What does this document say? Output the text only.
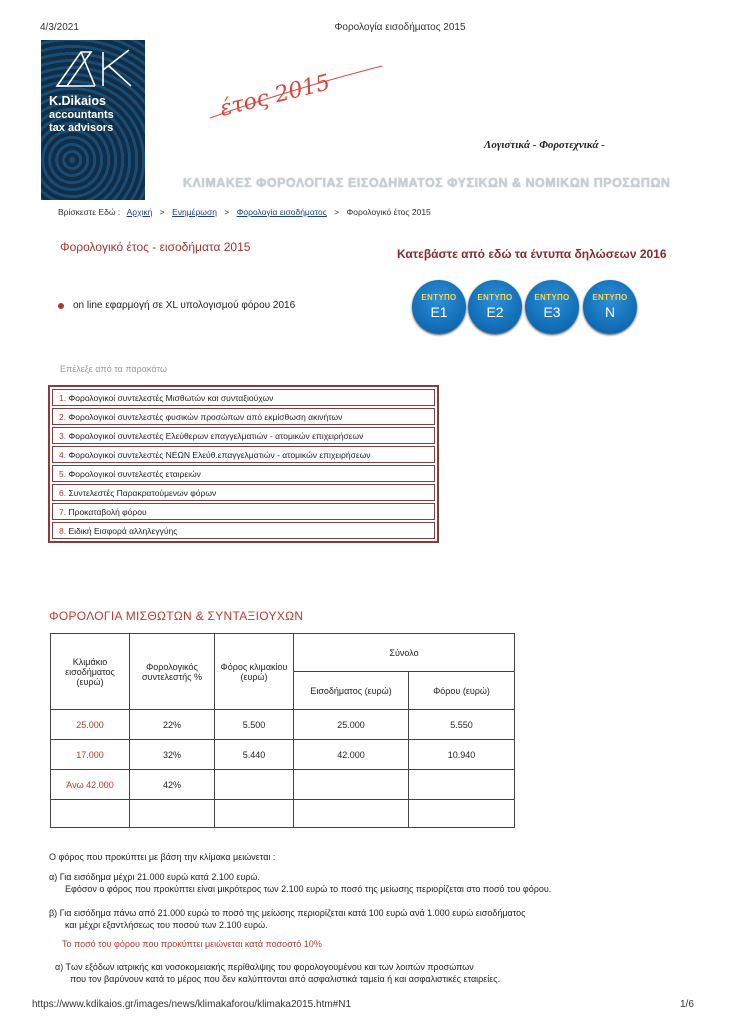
4/3/2021	Φορολογία εισοδήματος 2015
https://www.kdikaios.gr/images/news/klimakaforou/klimaka2015.htm#N1	1/6
K.Dikaios
accountants
tax advisors
έτος 2015
Λογιστικά - Φοροτεχνικά -
ΚΛΙΜΑΚΕΣ ΦΟΡΟΛΟΓΙΑΣ ΕΙΣΟΔΗΜΑΤΟΣ ΦΥΣΙΚΩΝ & ΝΟΜΙΚΩΝ ΠΡΟΣΩΠΩΝ
Βρίσκεστε Εδώ : Αρχική > Ενημέρωση > Φορολογία εισοδήματος > Φορολογικό έτος 2015
Φορολογικό έτος - εισοδήματα 2015	Κατεβάστε από εδώ τα έντυπα δηλώσεων 2016
ΕΝΤΥΠΟ
Ε1
ΕΝΤΥΠΟ
Ε2
ΕΝΤΥΠΟ
Ε3
ΕΝΤΥΠΟ
Ν
on line εφαρμογή σε XL υπολογισμού φόρου 2016
Επέλεξε από τα παρακάτω
1. Φορολογικοί συντελεστές Μισθωτών και συνταξιούχων
2. Φορολογικοί συντελεστές φυσικών προσώπων από εκμίσθωση ακινήτων
3. Φορολογικοί συντελεστές Ελεύθερων επαγγελματιών - ατομικών επιχειρήσεων
4. Φορολογικοί συντελεστές ΝΕΩΝ Ελεύθ.επαγγελματιών - ατομικών επιχειρήσεων
5. Φορολογικοί συντελεστές εταιρειών
6. Συντελεστές Παρακρατούμενων φόρων
7. Προκαταβολή φόρου
8. Ειδική Εισφορά αλληλεγγύης
ΦΟΡΟΛΟΓΙΑ ΜΙΣΘΩΤΩΝ & ΣΥΝΤΑΞΙΟΥΧΩΝ
Κλιμάκιο εισοδήματος (ευρώ)	Φορολογικός συντελεστής %	Φόρος κλιμακίου (ευρώ)	Σύνολο	
			Εισοδήματος (ευρώ)	Φόρου (ευρώ)
25.000	22%	5.500	25.000	5.550
17.000	32%	5.440	42.000	10.940
Άνω 42.000	42%			

Ο φόρος που προκύπτει με βάση την κλίμακα μειώνεται :
α) Για εισόδημα μέχρι 21.000 ευρώ κατά 2.100 ευρώ.
Εφόσον ο φόρος που προκύπτει είναι μικρότερος των 2.100 ευρώ το ποσό της μείωσης περιορίζεται στο ποσό του φόρου.
β) Για εισόδημα πάνω από 21.000 ευρώ το ποσό της μείωσης περιορίζεται κατά 100 ευρώ ανά 1.000 ευρώ εισοδήματος
και μέχρι εξαντλήσεως του ποσού των 2.100 ευρώ.
Το ποσό του φόρου που προκύπτει μειώνεται κατά ποσοστό 10%
α) Των εξόδων ιατρικής και νοσοκομειακής περίθαλψης του φορολογουμένου και των λοιπών προσώπων
που τον βαρύνουν κατά το μέρος που δεν καλύπτονται από ασφαλιστικά ταμεία ή και ασφαλιστικές εταιρείες.
